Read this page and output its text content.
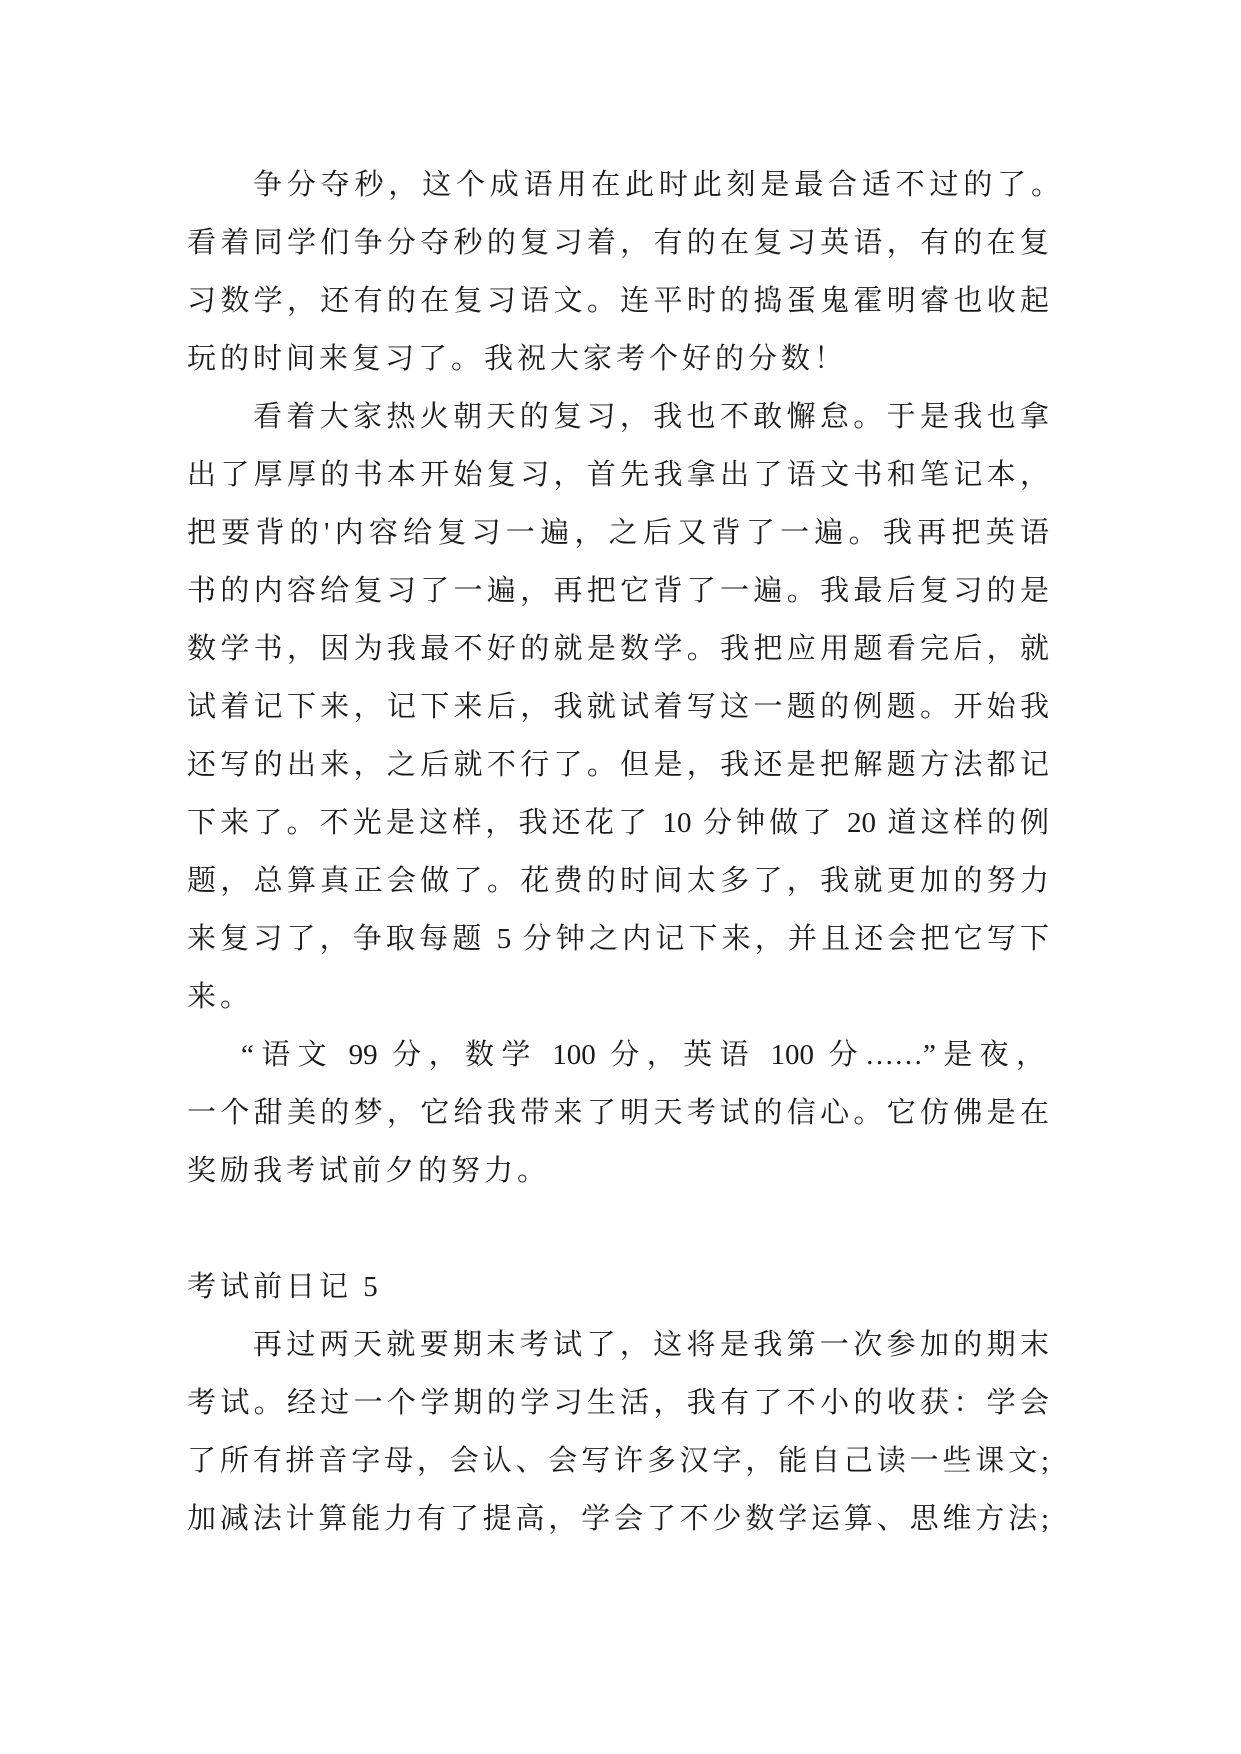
争分夺秒，这个成语用在此时此刻是最合适不过的了。
看着同学们争分夺秒的复习着，有的在复习英语，有的在复
习数学，还有的在复习语文。连平时的捣蛋鬼霍明睿也收起
玩的时间来复习了。我祝大家考个好的分数！
看着大家热火朝天的复习，我也不敢懈怠。于是我也拿
出了厚厚的书本开始复习，首先我拿出了语文书和笔记本，
把要背的'内容给复习一遍，之后又背了一遍。我再把英语
书的内容给复习了一遍，再把它背了一遍。我最后复习的是
数学书，因为我最不好的就是数学。我把应用题看完后，就
试着记下来，记下来后，我就试着写这一题的例题。开始我
还写的出来，之后就不行了。但是，我还是把解题方法都记
下来了。不光是这样，我还花了 10 分钟做了 20 道这样的例
题，总算真正会做了。花费的时间太多了，我就更加的努力
来复习了，争取每题 5 分钟之内记下来，并且还会把它写下
来。
“语文 99 分，数学 100 分，英语 100 分……”是夜，
一个甜美的梦，它给我带来了明天考试的信心。它仿佛是在
奖励我考试前夕的努力。
考试前日记 5
再过两天就要期末考试了，这将是我第一次参加的期末
考试。经过一个学期的学习生活，我有了不小的收获：学会
了所有拼音字母，会认、会写许多汉字，能自己读一些课文;
加减法计算能力有了提高，学会了不少数学运算、思维方法;
